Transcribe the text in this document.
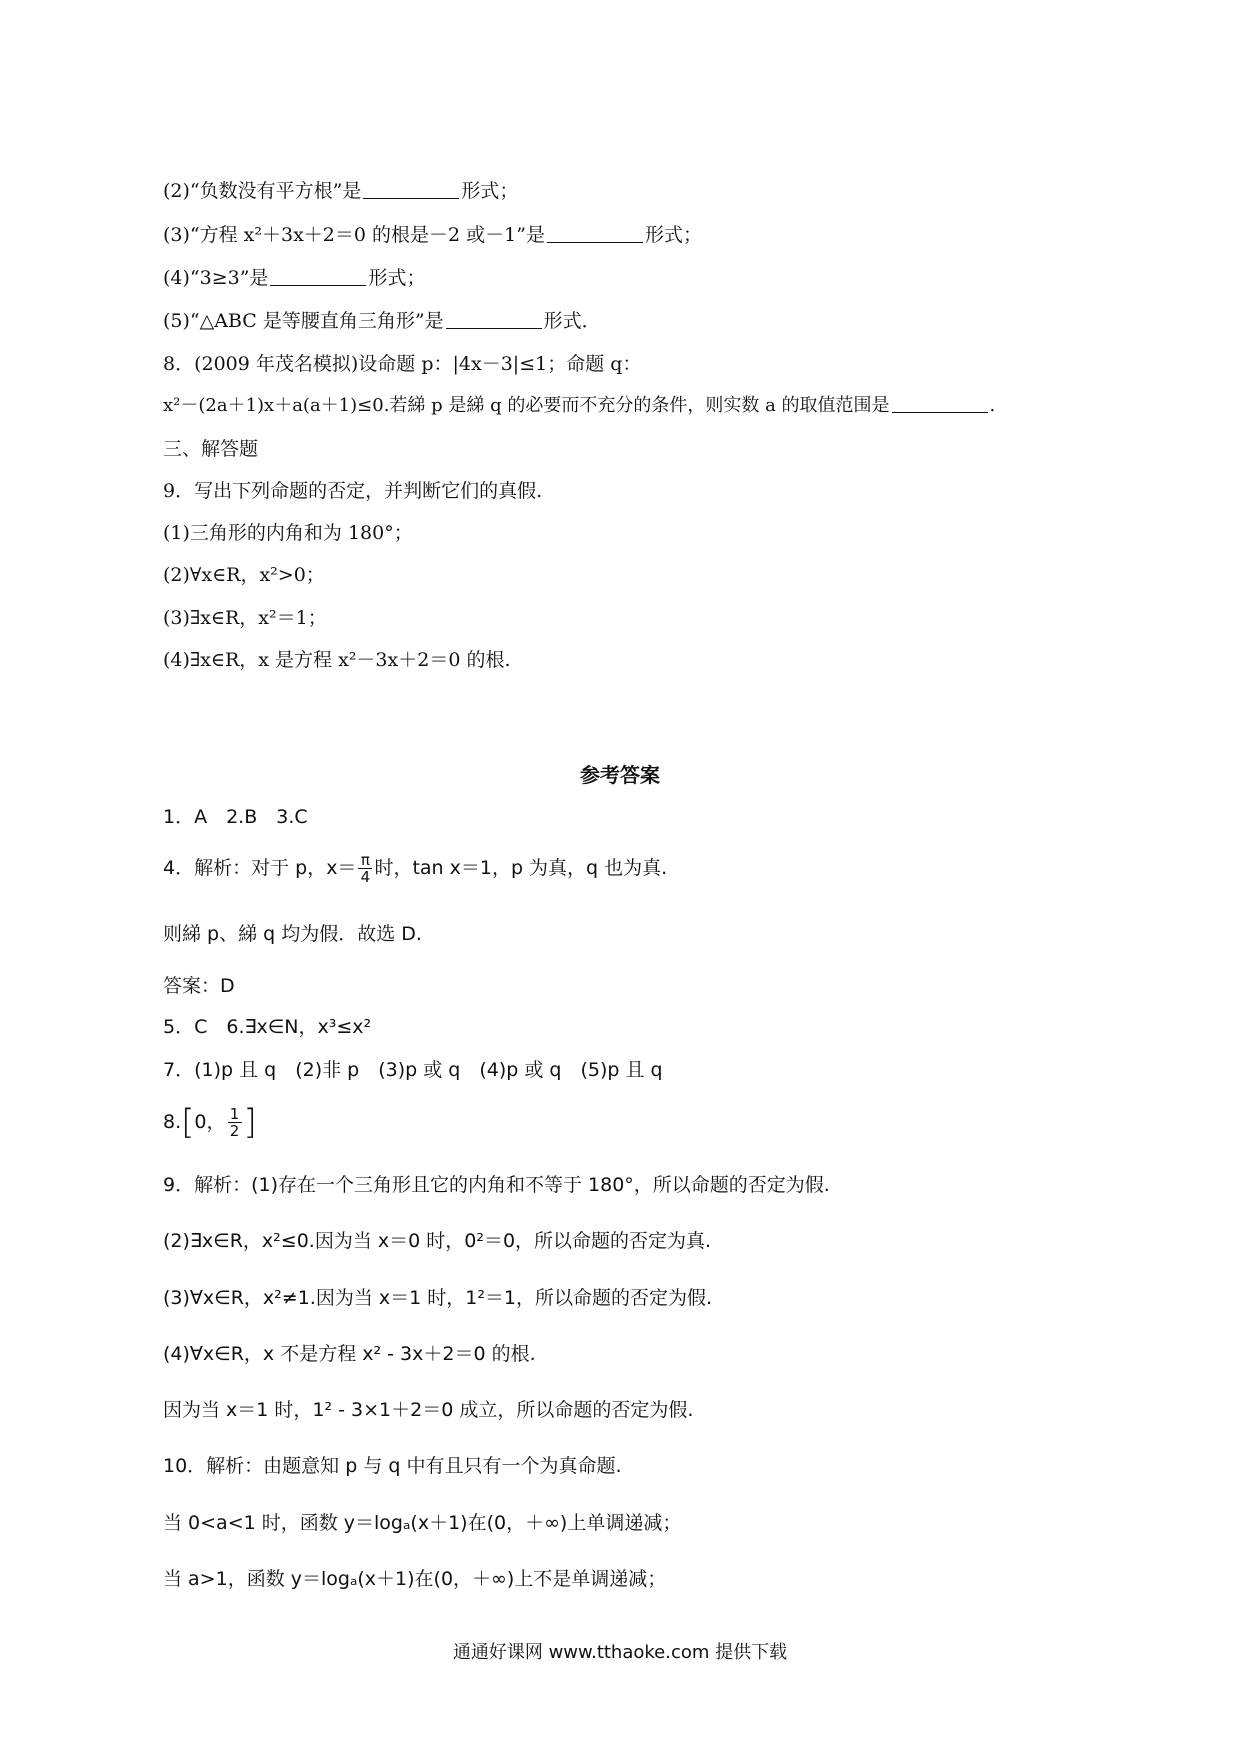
(2)“负数没有平方根”是	形式；
(3)“方程 x²＋3x＋2＝0 的根是－2 或－1”是	形式；
(4)“3≥3”是	形式；
(5)“△ABC 是等腰直角三角形”是	形式．
8．(2009 年茂名模拟)设命题 p：|4x－3|≤1；命题 q：
x²－(2a＋1)x＋a(a＋1)≤0.若綈 p 是綈 q 的必要而不充分的条件，则实数 a 的取值范围是	.
三、解答题
9．写出下列命题的否定，并判断它们的真假.
(1)三角形的内角和为 180°；
(2)∀x∈R，x²>0；
(3)∃x∈R，x²＝1；
(4)∃x∈R，x 是方程 x²－3x＋2＝0 的根.
参考答案
1．A　2.B　3.C
4．解析：对于 p，$x= \frac{\pi}{4}$ 时，tan x＝1，p 为真，q 也为真.
则綈 p、綈 q 均为假．故选 D.
答案：D
5．C　6.∃x∈N，x³≤x²
7．(1)p 且 q　(2)非 p　(3)p 或 q　(4)p 或 q　(5)p 且 q
8.[0， $\frac{1}{2}$ ]
9．解析：(1)存在一个三角形且它的内角和不等于 180°，所以命题的否定为假.
(2)∃x∈R，x²≤0.因为当 x＝0 时，0²＝0，所以命题的否定为真.
(3)∀x∈R，x²≠1.因为当 x＝1 时，1²＝1，所以命题的否定为假.
(4)∀x∈R，x 不是方程 x² - 3x＋2＝0 的根.
因为当 x＝1 时，1² - 3×1＋2＝0 成立，所以命题的否定为假.
10．解析：由题意知 p 与 q 中有且只有一个为真命题.
当 0<a<1 时，函数 y＝logₐ(x＋1)在(0，＋∞)上单调递减；
当 a>1，函数 y＝logₐ(x＋1)在(0，＋∞)上不是单调递减；
通通好课网 www.tthaoke.com 提供下载
